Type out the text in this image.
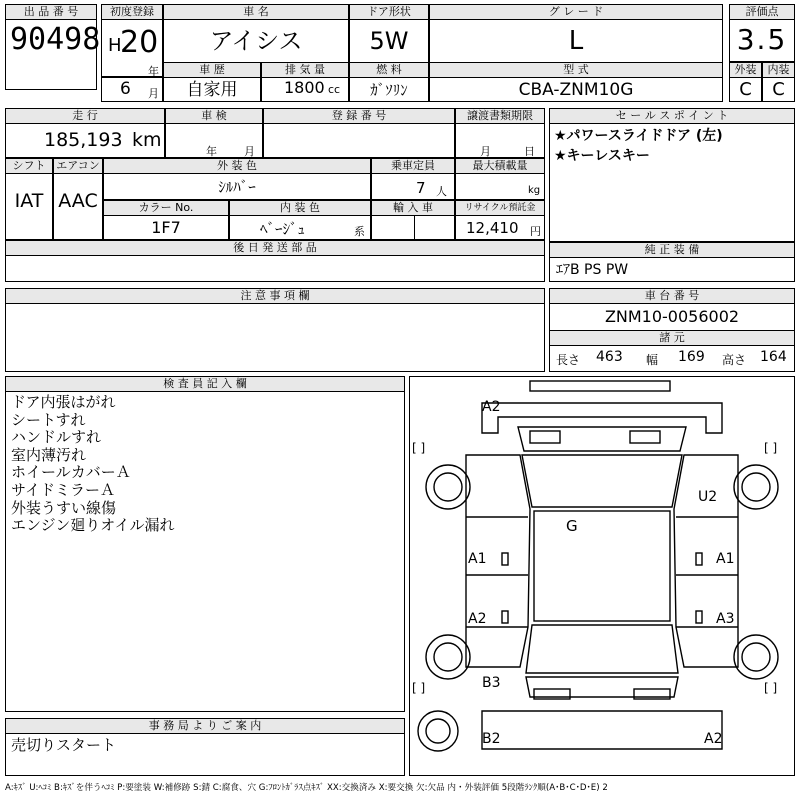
出 品 番 号
90498
初度登録
H
20
年
6 月
車 名
アイシス
ドア形状
5W
グ レ ー ド
L
評価点
3.5
車 歴
自家用
排 気 量
1800 cc
燃 料
ｶﾞｿﾘﾝ
型 式
CBA-ZNM10G
外装
C
内装
C
走 行
185,193 km
車 検
年 月
登 録 番 号	譲渡書類期限
月	日
セ ー ル ス ポ イ ン ト
★パワースライドドア (左)
★キーレスキー
シフト
IAT
エアコン
AAC
外 装 色
ｼﾙﾊﾞｰ
乗車定員
7 人
最大積載量
kg
カラー No.
1F7
内 装 色
ﾍﾞｰｼﾞｭ	系
輸 入 車	リサイクル預託金
12,410 円
後 日 発 送 部 品	純 正 装 備
ｴｱB PS PW
注 意 事 項 欄	車 台 番 号
ZNM10-0056002
諸 元
長さ 463 幅 169 高さ 164
検 査 員 記 入 欄
ドア内張はがれ
シートすれ
ハンドルすれ
室内薄汚れ
ホイールカバーＡ
サイドミラーＡ
外装うすい線傷
エンジン廻りオイル漏れ
事 務 局 よ り ご 案 内
売切りスタート
A2
U2
G
A1	A1
A2	A3
B3
B2	A2
[ ]	[ ]
[ ]	[ ]
A:ｷｽﾞ U:ﾍｺﾐ B:ｷｽﾞを伴うﾍｺﾐ P:要塗装 W:補修跡 S:錆 C:腐食、穴 G:ﾌﾛﾝﾄｶﾞﾗｽ点ｷｽﾞ XX:交換済み X:要交換 欠:欠品 内・外装評価 5段階ﾗﾝｸ順(A･B･C･D･E) 2
